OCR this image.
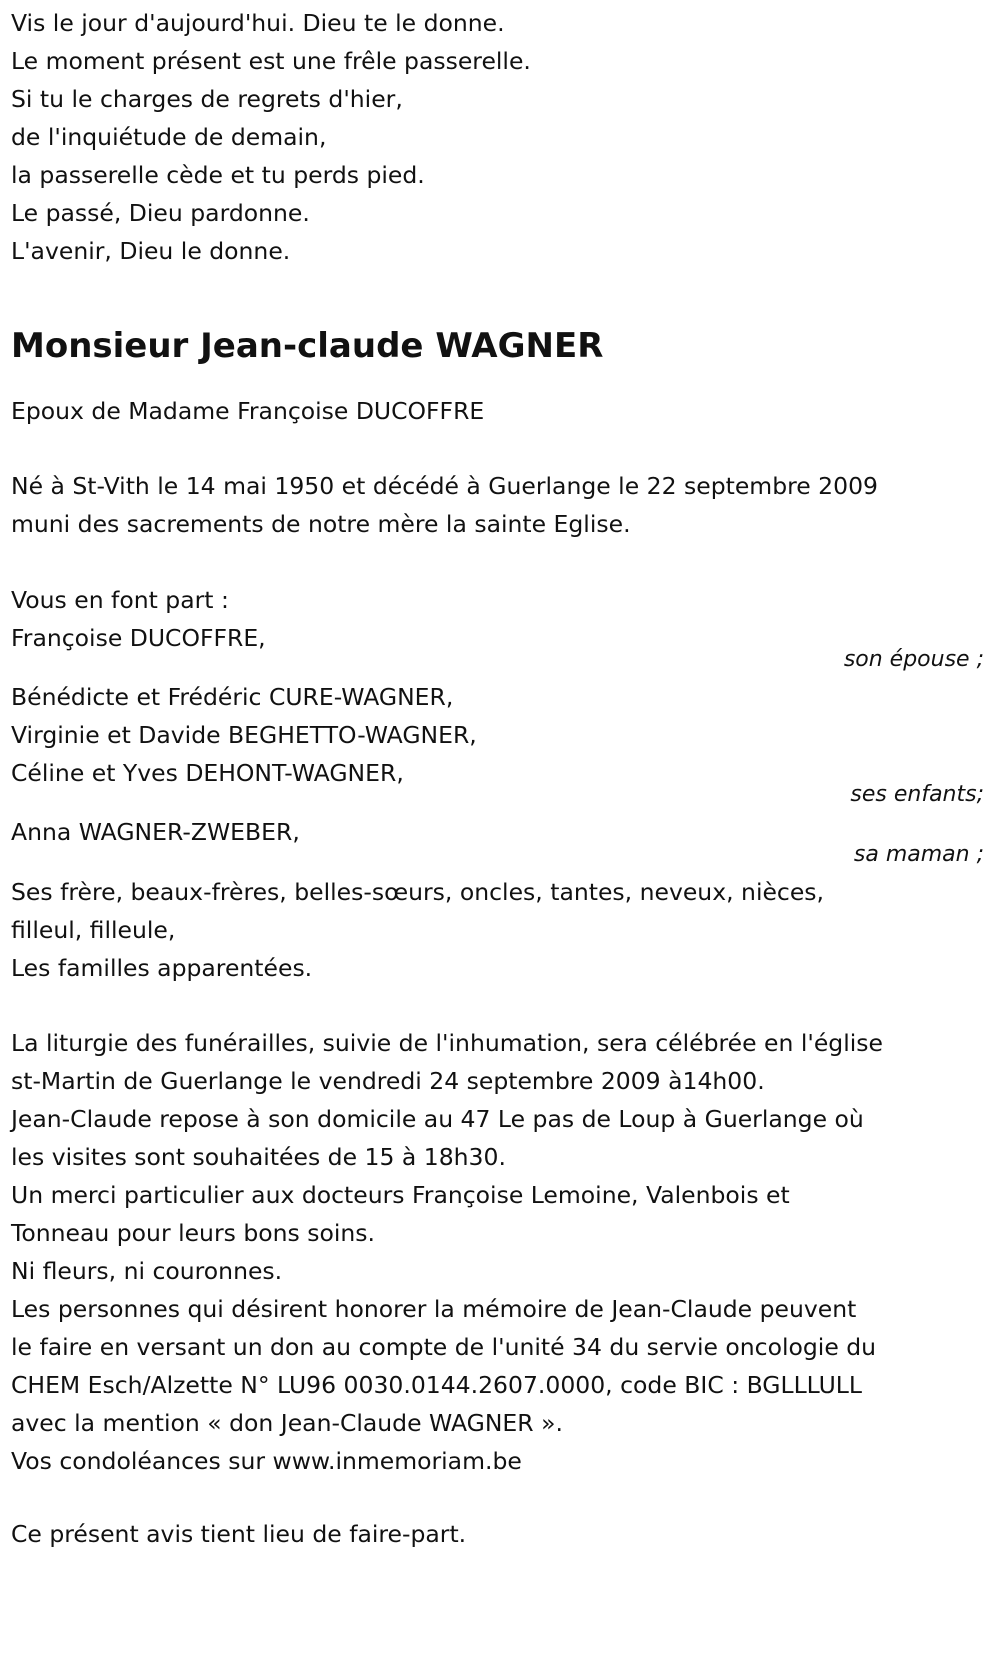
Vis le jour d'aujourd'hui. Dieu te le donne.

Le moment présent est une frêle passerelle.

Si tu le charges de regrets d'hier,

de l'inquiétude de demain,

la passerelle cède et tu perds pied.

Le passé, Dieu pardonne.

L'avenir, Dieu le donne.

Monsieur Jean-claude WAGNER

Epoux de Madame Françoise DUCOFFRE

Né à St-Vith le 14 mai 1950 et décédé à Guerlange le 22 septembre 2009

muni des sacrements de notre mère la sainte Eglise.

Vous en font part :

Françoise DUCOFFRE,

son épouse ;

Bénédicte et Frédéric CURE-WAGNER,

Virginie et Davide BEGHETTO-WAGNER,

Céline et Yves DEHONT-WAGNER,

ses enfants;

Anna WAGNER-ZWEBER,

sa maman ;

Ses frère, beaux-frères, belles-sœurs, oncles, tantes, neveux, nièces,

filleul, filleule,

Les familles apparentées.

La liturgie des funérailles, suivie de l'inhumation, sera célébrée en l'église

st-Martin de Guerlange le vendredi 24 septembre 2009 à14h00.

Jean-Claude repose à son domicile au 47 Le pas de Loup à Guerlange où

les visites sont souhaitées de 15 à 18h30.

Un merci particulier aux docteurs Françoise Lemoine, Valenbois et

Tonneau pour leurs bons soins.

Ni fleurs, ni couronnes.

Les personnes qui désirent honorer la mémoire de Jean-Claude peuvent

le faire en versant un don au compte de l'unité 34 du servie oncologie du

CHEM Esch/Alzette N° LU96 0030.0144.2607.0000, code BIC : BGLLLULL

avec la mention « don Jean-Claude WAGNER ».

Vos condoléances sur www.inmemoriam.be

Ce présent avis tient lieu de faire-part.
